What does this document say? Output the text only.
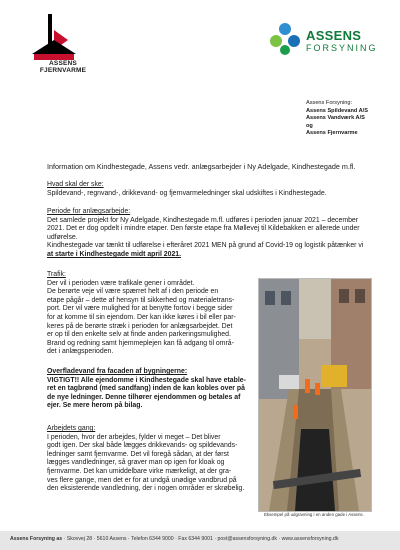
ASSENS
FJERNVARME
ASSENS
FORSYNING
Assens Forsyning:
Assens Spildevand A/S
Assens Vandværk A/S
og
Assens Fjernvarme
Information om Kindhestegade, Assens vedr. anlægsarbejder i Ny Adelgade, Kindhestegade m.fl.
Hvad skal der ske:
Spildevand-, regnvand-, drikkevand- og fjernvarmeledninger skal udskiftes i Kindhestegade.
Periode for anlægsarbejde:
Det samlede projekt for Ny Adelgade, Kindhestegade m.fl. udføres i perioden januar 2021 – december
2021. Det er dog opdelt i mindre etaper. Den første etape fra Møllevej til Kildebakken er allerede under
udførelse.
Kindhestegade var tænkt til udførelse i efteråret 2021 MEN på grund af Covid-19 og logistik påtænker vi
at starte i Kindhestegade midt april 2021.
Trafik:
Der vil i perioden være trafikale gener i området.
De berørte veje vil være spærret helt af i den periode en
etape pågår – dette af hensyn til sikkerhed og materialetrans-
port. Der vil være mulighed for at benytte fortov i begge sider
for at komme til sin ejendom. Der kan ikke køres i bil eller par-
keres på de berørte stræk i perioden for anlægsarbejdet. Det
er op til den enkelte selv at finde anden parkeringsmulighed.
Brand og redning samt hjemmeplejen kan få adgang til områ-
det i anlægsperioden.
Overfladevand fra facaden af bygningerne:
VIGTIGT!! Alle ejendomme i Kindhestegade skal have etable-
ret en tagbrønd (med sandfang) inden de kan kobles over på
de nye ledninger. Denne tilhører ejendommen og betales af
ejer. Se mere herom på bilag.
Arbejdets gang:
I perioden, hvor der arbejdes, fylder vi meget – Det bliver
godt igen. Der skal både lægges drikkevands- og spildevands-
ledninger samt fjernvarme. Det vil foregå sådan, at der først
lægges vandledninger, så graver man op igen for kloak og
fjernvarme. Det kan umiddelbare virke mærkeligt, at der gra-
ves flere gange, men det er for at undgå unødige vandbrud på
den eksisterende vandledning, der i nogen områder er skrøbelig.
Eksempel på udgravning i en anden gade i Assens.
Assens Forsyning as · Skovvej 28 · 5610 Assens · Telefon 6344 9000 · Fax 6344 9001 · post@assensforsyning.dk · www.assensforsyning.dk
